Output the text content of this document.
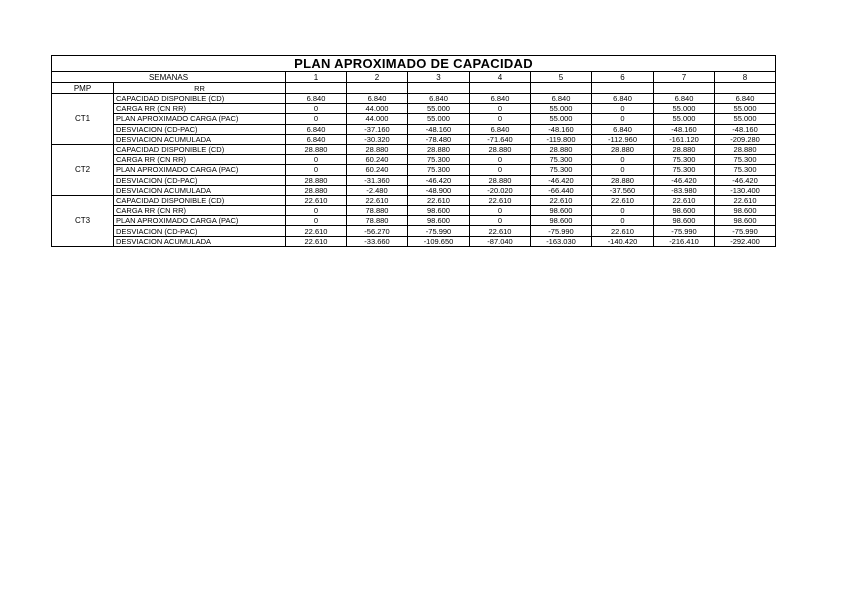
PLAN APROXIMADO DE CAPACIDAD									
SEMANAS		1	2	3	4	5	6	7	8
PMP	RR								
CT1	CAPACIDAD DISPONIBLE (CD)	6.840	6.840	6.840	6.840	6.840	6.840	6.840	6.840
	CARGA RR (CN RR)	0	44.000	55.000	0	55.000	0	55.000	55.000
	PLAN APROXIMADO CARGA (PAC)	0	44.000	55.000	0	55.000	0	55.000	55.000
	DESVIACION (CD-PAC)	6.840	-37.160	-48.160	6.840	-48.160	6.840	-48.160	-48.160
	DESVIACION ACUMULADA	6.840	-30.320	-78.480	-71.640	-119.800	-112.960	-161.120	-209.280
CT2	CAPACIDAD DISPONIBLE (CD)	28.880	28.880	28.880	28.880	28.880	28.880	28.880	28.880
	CARGA RR (CN RR)	0	60.240	75.300	0	75.300	0	75.300	75.300
	PLAN APROXIMADO CARGA (PAC)	0	60.240	75.300	0	75.300	0	75.300	75.300
	DESVIACION (CD-PAC)	28.880	-31.360	-46.420	28.880	-46.420	28.880	-46.420	-46.420
	DESVIACION ACUMULADA	28.880	-2.480	-48.900	-20.020	-66.440	-37.560	-83.980	-130.400
CT3	CAPACIDAD DISPONIBLE (CD)	22.610	22.610	22.610	22.610	22.610	22.610	22.610	22.610
	CARGA RR (CN RR)	0	78.880	98.600	0	98.600	0	98.600	98.600
	PLAN APROXIMADO CARGA (PAC)	0	78.880	98.600	0	98.600	0	98.600	98.600
	DESVIACION (CD-PAC)	22.610	-56.270	-75.990	22.610	-75.990	22.610	-75.990	-75.990
	DESVIACION ACUMULADA	22.610	-33.660	-109.650	-87.040	-163.030	-140.420	-216.410	-292.400
